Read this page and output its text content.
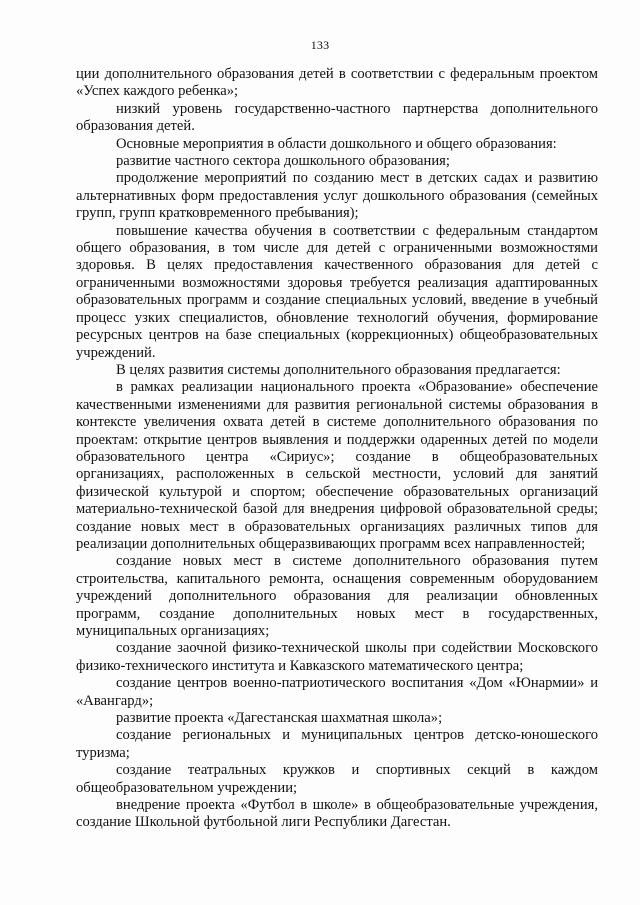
133

ции дополнительного образования детей в соответствии с федеральным проектом «Успех каждого ребенка»;

низкий уровень государственно-частного партнерства дополнительного образования детей.

Основные мероприятия в области дошкольного и общего образования:

развитие частного сектора дошкольного образования;

продолжение мероприятий по созданию мест в детских садах и развитию альтернативных форм предоставления услуг дошкольного образования (семейных групп, групп кратковременного пребывания);

повышение качества обучения в соответствии с федеральным стандартом общего образования, в том числе для детей с ограниченными возможностями здоровья. В целях предоставления качественного образования для детей с ограниченными возможностями здоровья требуется реализация адаптированных образовательных программ и создание специальных условий, введение в учебный процесс узких специалистов, обновление технологий обучения, формирование ресурсных центров на базе специальных (коррекционных) общеобразовательных учреждений.

В целях развития системы дополнительного образования предлагается:

в рамках реализации национального проекта «Образование» обеспечение качественными изменениями для развития региональной системы образования в контексте увеличения охвата детей в системе дополнительного образования по проектам: открытие центров выявления и поддержки одаренных детей по модели образовательного центра «Сириус»; создание в общеобразовательных организациях, расположенных в сельской местности, условий для занятий физической культурой и спортом; обеспечение образовательных организаций материально-технической базой для внедрения цифровой образовательной среды; создание новых мест в образовательных организациях различных типов для реализации дополнительных общеразвивающих программ всех направленностей;

создание новых мест в системе дополнительного образования путем строительства, капитального ремонта, оснащения современным оборудованием учреждений дополнительного образования для реализации обновленных программ, создание дополнительных новых мест в государственных, муниципальных организациях;

создание заочной физико-технической школы при содействии Московского физико-технического института и Кавказского математического центра;

создание центров военно-патриотического воспитания «Дом «Юнармии» и «Авангард»;

развитие проекта «Дагестанская шахматная школа»;

создание региональных и муниципальных центров детско-юношеского туризма;

создание театральных кружков и спортивных секций в каждом общеобразовательном учреждении;

внедрение проекта «Футбол в школе» в общеобразовательные учреждения, создание Школьной футбольной лиги Республики Дагестан.
